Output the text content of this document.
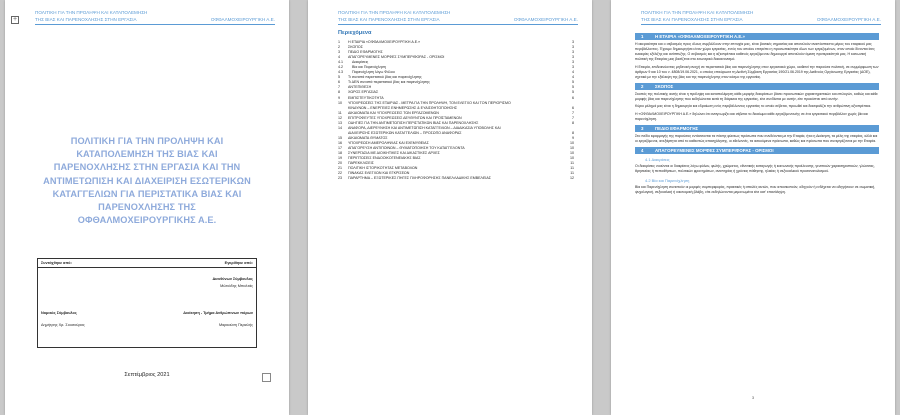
+
ΠΟΛΙΤΙΚΗ ΓΙΑ ΤΗΝ ΠΡΟΛΗΨΗ ΚΑΙ ΚΑΤΑΠΟΛΕΜΗΣΗ
ΤΗΣ ΒΙΑΣ ΚΑΙ ΠΑΡΕΝΟΧΛΗΣΗΣ ΣΤΗΝ ΕΡΓΑΣΙΑ	ΟΦΘΑΛΜΟΧΕΙΡΟΥΡΓΙΚΗ Α.Ε.
ΠΟΛΙΤΙΚΗ ΓΙΑ ΤΗΝ ΠΡΟΛΗΨΗ ΚΑΙ ΚΑΤΑΠΟΛΕΜΗΣΗ ΤΗΣ ΒΙΑΣ ΚΑΙ ΠΑΡΕΝΟΧΛΗΣΗΣ ΣΤΗΝ ΕΡΓΑΣΙΑ ΚΑΙ ΤΗΝ ΑΝΤΙΜΕΤΩΠΙΣΗ ΚΑΙ ΔΙΑΧΕΙΡΙΣΗ ΕΣΩΤΕΡΙΚΩΝ ΚΑΤΑΓΓΕΛΙΩΝ ΓΙΑ ΠΕΡΙΣΤΑΤΙΚΑ ΒΙΑΣ ΚΑΙ ΠΑΡΕΝΟΧΛΗΣΗΣ ΤΗΣ ΟΦΘΑΛΜΟΧΕΙΡΟΥΡΓΙΚΗΣ Α.Ε.
Συντάχθηκε από:	Εγκρίθηκε από:
Διευθύνων Σύμβουλος
Μιλτιάδης Μπαλτάς
Νομικός Σύμβουλος	Διοίκηση - Τμήμα Ανθρώπινων πόρων
Δημήτρης Χρ. Σουσούρας	Μαρκούση Περιελής
Σεπτέμβριος 2021
ΠΟΛΙΤΙΚΗ ΓΙΑ ΤΗΝ ΠΡΟΛΗΨΗ ΚΑΙ ΚΑΤΑΠΟΛΕΜΗΣΗ
ΤΗΣ ΒΙΑΣ ΚΑΙ ΠΑΡΕΝΟΧΛΗΣΗΣ ΣΤΗΝ ΕΡΓΑΣΙΑ	ΟΦΘΑΛΜΟΧΕΙΡΟΥΡΓΙΚΗ Α.Ε.
Περιεχόμενα
1 Η ΕΤΑΙΡΙΑ «ΟΦΘΑΛΜΟΧΕΙΡΟΥΡΓΙΚΗ Α.Ε.»	3
2 ΣΚΟΠΟΣ	3
3 ΠΕΔΙΟ ΕΦΑΡΜΟΓΗΣ	3
4 ΑΠΑΓΟΡΕΥΜΕΝΕΣ ΜΟΡΦΕΣ ΣΥΜΠΕΡΙΦΟΡΑΣ - ΟΡΙΣΜΟΙ	3
4.1	Διακρίσεις	3
4.2	Βία και Παρενόχληση	3
4.3	Παρενόχληση λόγω Φύλου	4
5 Τι συνιστά περιστατικό βίας και παρενόχλησης	4
6 Τι ΔΕΝ συνιστά περιστατικό βίας και παρενόχλησης	5
7 ΑΝΤΕΠΙΘΕΣΗ	5
8 ΧΩΡΟΣ ΕΡΓΑΣΙΑΣ	5
9 ΕΜΠΙΣΤΕΥΤΙΚΟΤΗΤΑ	6
10 ΥΠΟΧΡΕΩΣΕΙΣ ΤΗΣ ΕΤΑΙΡΙΑΣ - ΜΕΤΡΑ ΓΙΑ ΤΗΝ ΠΡΟΛΗΨΗ, ΤΟΝ ΕΛΕΓΧΟ ΚΑΙ ΤΟΝ ΠΕΡΙΟΡΙΣΜΟ
ΚΙΝΔΥΝΩΝ – ΕΝΕΡΓΕΙΕΣ ΕΝΗΜΕΡΩΣΗΣ & ΕΥΑΙΣΘΗΤΟΠΟΙΗΣΗΣ	6
11 ΔΙΚΑΙΩΜΑΤΑ ΚΑΙ ΥΠΟΧΡΕΩΣΕΙΣ ΤΩΝ ΕΡΓΑΖΟΜΕΝΩΝ	7
12 ΕΠΙΤΡΟΦΕΥΤΕΣ ΥΠΟΧΡΕΩΣΕΙΣ ΔΕΥΘΥΝΤΩΝ ΚΑΙ ΠΡΟΪΣΤΑΜΕΝΩΝ	7
13 ΟΔΗΓΙΕΣ ΓΙΑ ΤΗΝ ΑΝΤΙΜΕΤΩΠΙΣΗ ΠΕΡΙΣΤΑΤΙΚΩΝ ΒΙΑΣ ΚΑΙ ΠΑΡΕΝΟΧΛΗΣΗΣ	8
14 ΑΝΑΦΟΡΑ, ΔΙΕΡΕΥΝΗΣΗ ΚΑΙ ΑΝΤΙΜΕΤΩΠΙΣΗ ΚΑΤΑΓΓΕΛΙΩΝ – ΔΙΑΔΙΚΑΣΙΑ ΥΠΟΒΟΛΗΣ ΚΑΙ
ΔΙΑΧΕΙΡΙΣΗΣ ΕΣΩΤΕΡΙΚΩΝ ΚΑΤΑΓΓΕΛΙΩΝ – ΠΡΟΣΩΠΟ ΑΝΑΦΟΡΑΣ	8
15 ΔΙΚΑΙΩΜΑΤΑ ΘΥΜΑΤΟΣ	9
16 ΥΠΟΧΡΕΩΣΗ ΑΜΕΡΟΛΗΨΙΑΣ ΚΑΙ ΕΧΕΜΥΘΕΙΑΣ	10
17 ΑΠΑΓΟΡΕΥΣΗ ΑΝΤΙΠΟΙΝΩΝ – ΘΥΜΑΤΟΠΟΙΗΣΗ ΤΟΥ ΚΑΤΑΓΓΕΛΟΝΤΑ	10
18 ΣΥΝΕΡΓΑΣΙΑ ΜΕ ΔΙΟΙΚΗΤΙΚΕΣ ΚΑΙ ΔΙΚΑΣΤΙΚΕΣ ΑΡΧΕΣ	10
19 ΠΕΡΙΠΤΩΣΕΙΣ ΕΝΔΟΟΙΚΟΓΕΝΕΙΑΚΗΣ ΒΙΑΣ	10
20 ΠΑΡΕΚΚΛΙΣΕΙΣ	11
21 ΠΟΛΙΤΙΚΗ ΙΣΤΟΡΙΚΟΤΗΤΑΣ ΜΕΤΑΒΟΛΩΝ	11
22 ΠΙΝΑΚΑΣ ΕΛΕΓΧΩΝ ΚΑΙ ΕΓΚΡΙΣΕΩΝ	11
23 ΠΑΡΑΡΤΗΜΑ – ΕΞΩΤΕΡΙΚΕΣ ΠΗΓΕΣ ΠΛΗΡΟΦΟΡΗΣΗΣ ΠΑΝΕΛΛΑΔΙΚΗΣ ΕΜΒΕΛΕΙΑΣ	12
ΠΟΛΙΤΙΚΗ ΓΙΑ ΤΗΝ ΠΡΟΛΗΨΗ ΚΑΙ ΚΑΤΑΠΟΛΕΜΗΣΗ
ΤΗΣ ΒΙΑΣ ΚΑΙ ΠΑΡΕΝΟΧΛΗΣΗΣ ΣΤΗΝ ΕΡΓΑΣΙΑ	ΟΦΘΑΛΜΟΧΕΙΡΟΥΡΓΙΚΗ Α.Ε.
1	Η ΕΤΑΙΡΙΑ «ΟΦΘΑΛΜΟΧΕΙΡΟΥΡΓΙΚΗ Α.Ε.»

Η ακεραιότητα και ο σεβασμός προς όλους συμβάλλουν στην επιτυχία μας, είναι βασικές σημασίας και αποτελούν αναπόσπαστο μέρος του εταιρικού μας περιβάλλοντος. Έχουμε δημιουργήσει έναν χώρο εργασίας, εντός του οποίου επιτρέπει η προσωπικότητα όλων των εργαζομένων, στον οποίο δίνονται ίσες ευκαιρίες εξέλιξης και ανάπτυξης. Ο σεβασμός και η αξιοπρέπεια καθενός εργαζόμενου δημιουργεί αποτελούν άμεση προτεραιότητά μας. Η κοινωνική πολιτική της Εταιρίας μας βασίζεται στο εσωτερικό διακανονισμό.

Η Εταιρία, επιδεικνύοντας μηδενική ανοχή σε περιστατικά βίας και παρενόχλησης στον εργασιακό χώρο, υιοθετεί την παρούσα πολιτική, σε συμμόρφωση των άρθρων 9 και 10 του ν. 4808/19.06.2021, ο οποίος επικύρωσε τη Διεθνή Σύμβαση Εργασίας 190/21.06.2019 της Διεθνούς Οργάνωσης Εργασίας (ΔΟΕ), σχετικά με την εξάλειψη της βίας και της παρενόχλησης στον κόσμο της εργασίας.

2	ΣΚΟΠΟΣ

Σκοπός της πολιτικής αυτής είναι η πρόληψη και καταπολέμηση κάθε μορφής διακρίσεων βάσει προσωπικών χαρακτηριστικών και επιλογών, καθώς και κάθε μορφής βίας και παρενόχλησης που εκδηλώνεται κατά τη διάρκεια της εργασίας, είτε συνδέεται με αυτήν, είτε προκύπτει από αυτήν.

Κύριο μέλημά μας είναι η δημιουργία και εδραίωση ενός περιβάλλοντος εργασίας το οποίο σέβεται, προωθεί και διασφαλίζει την ανθρώπινη αξιοπρέπεια.

Η «ΟΦΘΑΛΜΟΧΕΙΡΟΥΡΓΙΚΗ Α.Ε.» δηλώνει ότι αναγνωρίζει και σέβεται το δικαίωμα κάθε εργαζόμενου/ης σε ένα εργασιακό περιβάλλον χωρίς βία και παρενόχληση.

3	ΠΕΔΙΟ ΕΦΑΡΜΟΓΗΣ

Στο πεδίο εφαρμογής της παρούσας εντάσσονται τα πάσης φύσεως πρόσωπα που συνδέονται με την Εταιρία, ήτοι η Διοίκηση, τα μέλη της εταιρίας, αλλά και οι εργαζόμενοι, ανεξάρτητα από το καθεστώς απασχόλησης, οι εθελοντές, τα ασκούμενα πρόσωπα, καθώς και πρόσωπα που συνεργάζονται με την Εταιρία.

4	ΑΠΑΓΟΡΕΥΜΕΝΕΣ ΜΟΡΦΕΣ ΣΥΜΠΕΡΙΦΟΡΑΣ - ΟΡΙΣΜΟΙ
4.1 Διακρίσεις

Οι διακρίσεις νοούνται οι διακρίσεις λόγω φύλου, φυλής, χρώματος, εθνοτικής καταγωγής ή κοινωνικής προέλευσης, γενετικών χαρακτηριστικών, γλώσσας, θρησκείας ή πεποιθήσεων, πολιτικών φρονημάτων, αναπηρίας ή χρόνιας πάθησης, ηλικίας ή σεξουαλικού προσανατολισμού.

4.2 Βία και Παρενόχληση

Βία και Παρενόχληση συνιστούν οι μορφές συμπεριφοράς, πρακτικές ή απειλές αυτών, που αποσκοπούν, οδηγούν ή ενδέχεται να οδηγήσουν σε σωματική, ψυχολογική, σεξουαλική ή οικονομική βλάβη, είτε εκδηλώνονται μεμονωμένα είτε κατ' επανάληψη.

3
